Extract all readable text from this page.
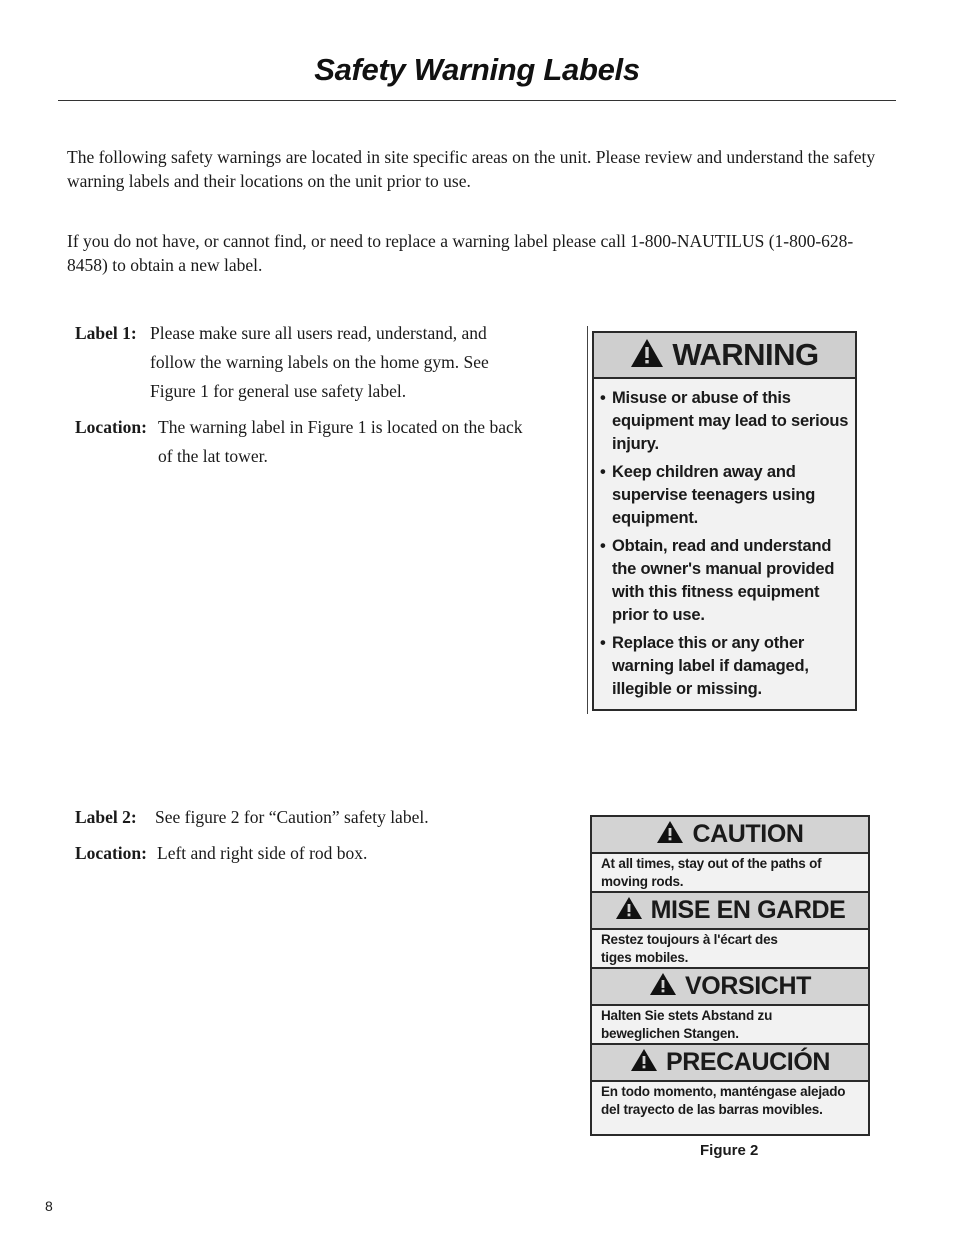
Safety Warning Labels

The following safety warnings are located in site specific areas on the unit. Please review and understand the safety warning labels and their locations on the unit prior to use.

If you do not have, or cannot find, or need to replace a warning label please call 1-800-NAUTILUS (1-800-628-8458) to obtain a new label.

Label 1: Please make sure all users read, understand, and
follow the warning labels on the home gym. See
Figure 1 for general use safety label.
Location: The warning label in Figure 1 is located on the back
of the lat tower.
WARNING
• Misuse or abuse of this equipment may lead to serious injury.
• Keep children away and supervise teenagers using equipment.
• Obtain, read and understand the owner's manual provided with this fitness equipment prior to use.
• Replace this or any other warning label if damaged, illegible or missing.
Label 2: See figure 2 for “Caution” safety label.
Location: Left and right side of rod box.
CAUTION
At all times, stay out of the paths of
moving rods.
MISE EN GARDE
Restez toujours à l'écart des
tiges mobiles.
VORSICHT
Halten Sie stets Abstand zu
beweglichen Stangen.
PRECAUCIÓN
En todo momento, manténgase alejado
del trayecto de las barras movibles.
Figure 2
8
